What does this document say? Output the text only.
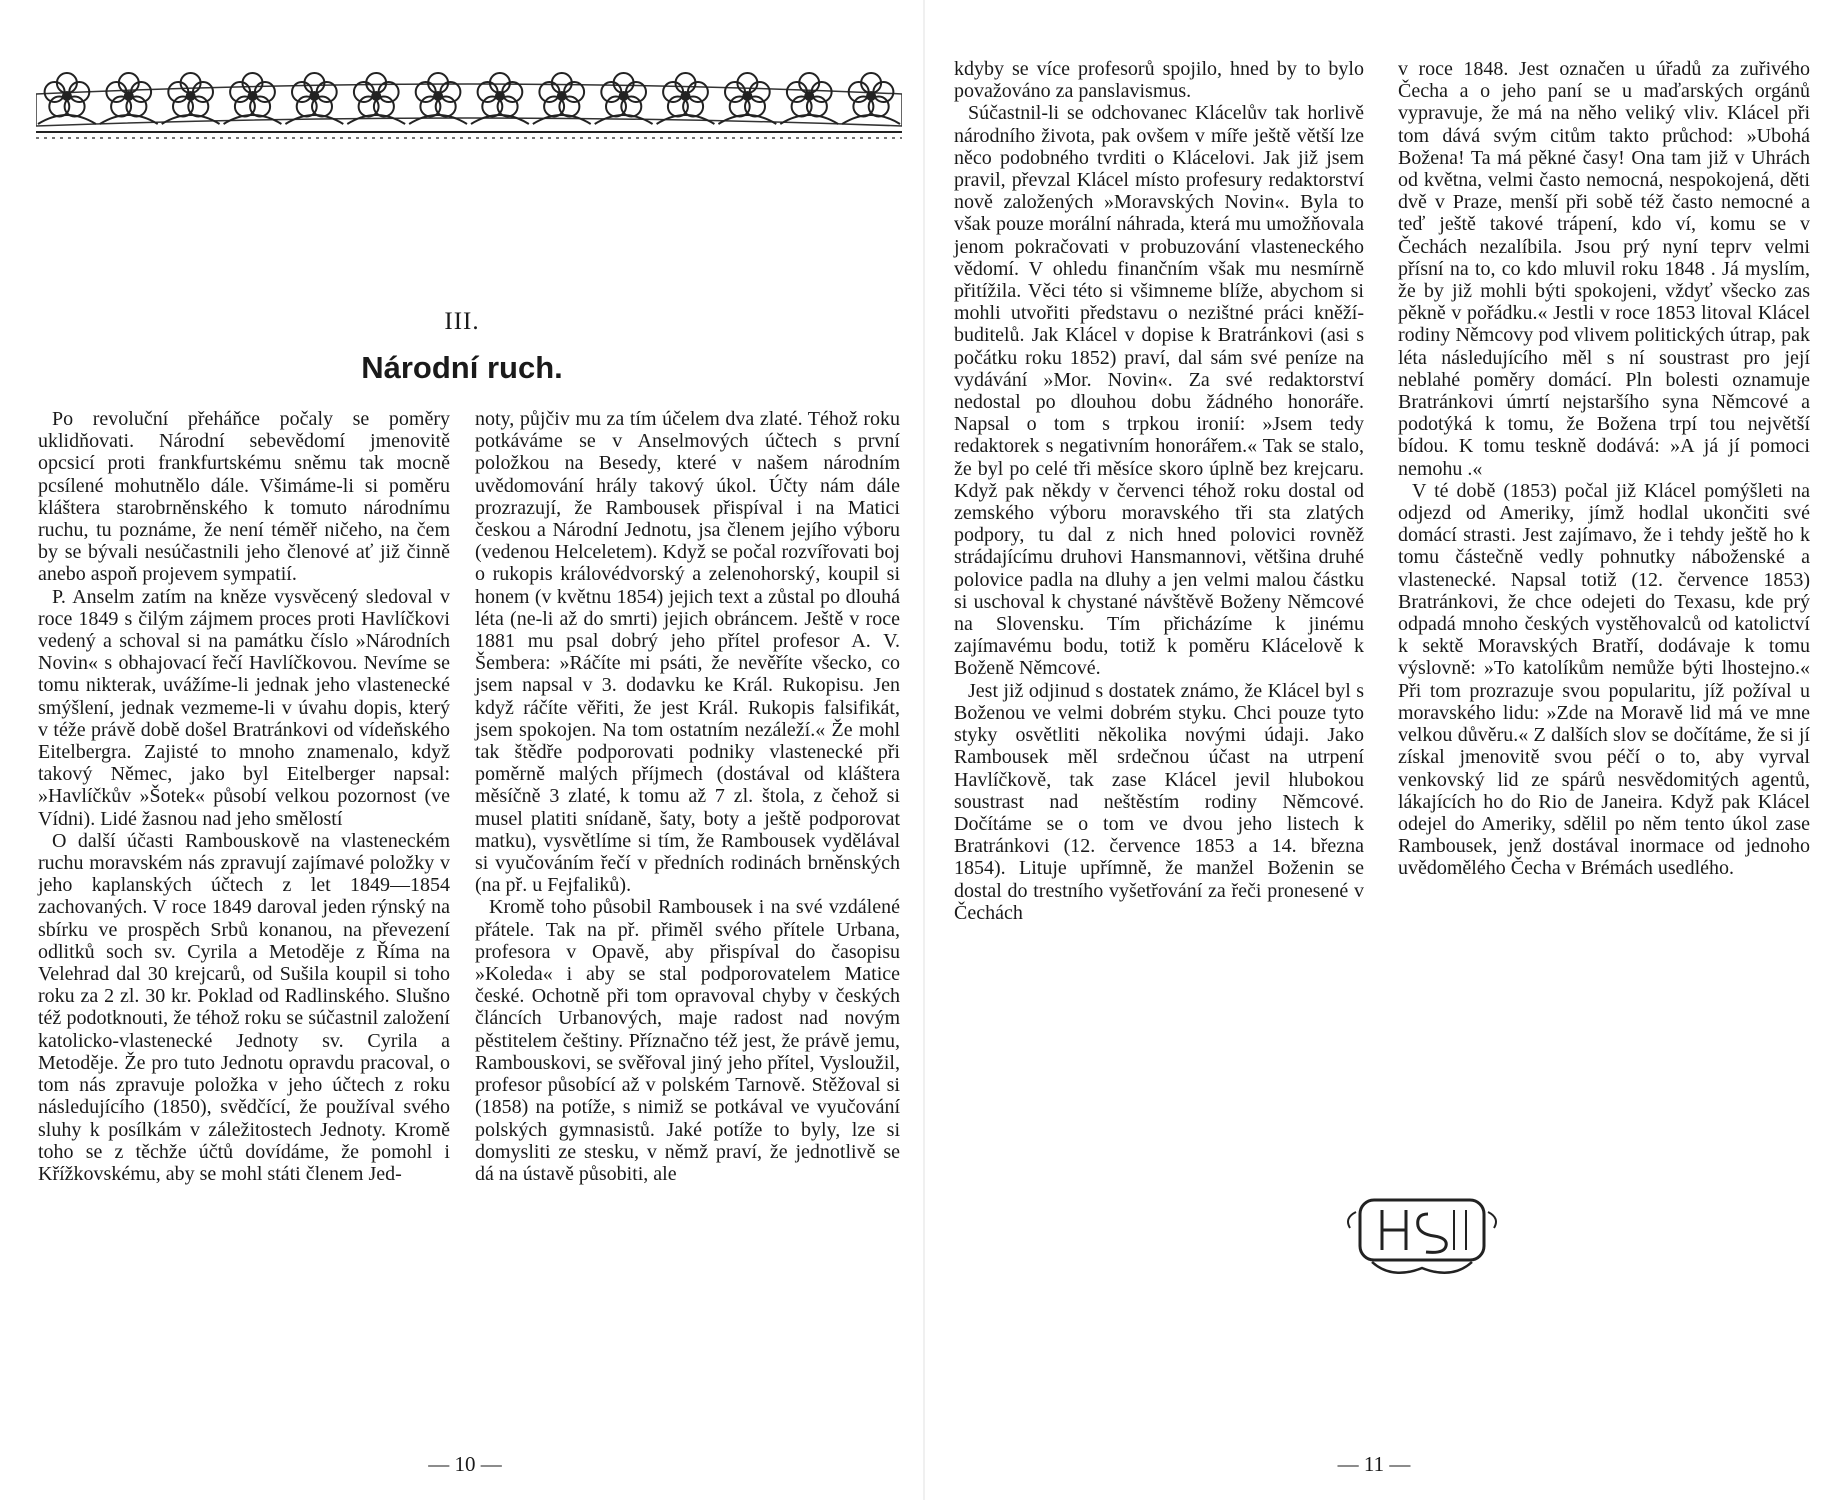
III.
Národní ruch.

Po revoluční přeháňce počaly se poměry uklidňovati. Národní sebevědomí jmenovitě opcsicí proti frankfurtskému sněmu tak mocně pcsílené mohutnělo dále. Všimáme-li si poměru kláštera starobrněnského k tomuto národnímu ruchu, tu poznáme, že není téměř ničeho, na čem by se bývali nesúčastnili jeho členové ať již činně anebo aspoň projevem sympatií.

P. Anselm zatím na kněze vysvěcený sledoval v roce 1849 s čilým zájmem proces proti Havlíčkovi vedený a schoval si na památku číslo »Národních Novin« s obhajovací řečí Havlíčkovou. Nevíme se tomu nikterak, uvážíme-li jednak jeho vlastenecké smýšlení, jednak vezmeme-li v úvahu dopis, který v téže právě době došel Bratránkovi od vídeňského Eitelbergra. Zajisté to mnoho znamenalo, když takový Němec, jako byl Eitelberger napsal: »Havlíčkův »Šotek« působí velkou pozornost (ve Vídni). Lidé žasnou nad jeho smělostí

O další účasti Rambouskově na vlasteneckém ruchu moravském nás zpravují zajímavé položky v jeho kaplanských účtech z let 1849—1854 zachovaných. V roce 1849 daroval jeden rýnský na sbírku ve prospěch Srbů konanou, na převezení odlitků soch sv. Cyrila a Metoděje z Říma na Velehrad dal 30 krejcarů, od Sušila koupil si toho roku za 2 zl. 30 kr. Poklad od Radlinského. Slušno též podotknouti, že téhož roku se súčastnil založení katolicko-vlastenecké Jednoty sv. Cyrila a Metoděje. Že pro tuto Jednotu opravdu pracoval, o tom nás zpravuje položka v jeho účtech z roku následujícího (1850), svědčící, že používal svého sluhy k posílkám v záležitostech Jednoty. Kromě toho se z těchže účtů dovídáme, že pomohl i Křížkovskému, aby se mohl státi členem Jed-

noty, půjčiv mu za tím účelem dva zlaté. Téhož roku potkáváme se v Anselmových účtech s první položkou na Besedy, které v našem národním uvědomování hrály takový úkol. Účty nám dále prozrazují, že Rambousek přispíval i na Matici českou a Národní Jednotu, jsa členem jejího výboru (vedenou Helceletem). Když se počal rozvířovati boj o rukopis královédvorský a zelenohorský, koupil si honem (v květnu 1854) jejich text a zůstal po dlouhá léta (ne-li až do smrti) jejich obráncem. Ještě v roce 1881 mu psal dobrý jeho přítel profesor A. V. Šembera: »Ráčíte mi psáti, že nevěříte všecko, co jsem napsal v 3. dodavku ke Král. Rukopisu. Jen když ráčíte věřiti, že jest Král. Rukopis falsifikát, jsem spokojen. Na tom ostatním nezáleží.« Že mohl tak štědře podporovati podniky vlastenecké při poměrně malých příjmech (dostával od kláštera měsíčně 3 zlaté, k tomu až 7 zl. štola, z čehož si musel platiti snídaně, šaty, boty a ještě podporovat matku), vysvětlíme si tím, že Rambousek vydělával si vyučováním řečí v předních rodinách brněnských (na př. u Fejfaliků).

Kromě toho působil Rambousek i na své vzdálené přátele. Tak na př. přiměl svého přítele Urbana, profesora v Opavě, aby přispíval do časopisu »Koleda« i aby se stal podporovatelem Matice české. Ochotně při tom opravoval chyby v českých článcích Urbanových, maje radost nad novým pěstitelem češtiny. Příznačno též jest, že právě jemu, Rambouskovi, se svěřoval jiný jeho přítel, Vysloužil, profesor působící až v polském Tarnově. Stěžoval si (1858) na potíže, s nimiž se potkával ve vyučování polských gymnasistů. Jaké potíže to byly, lze si domysliti ze stesku, v němž praví, že jednotlivě se dá na ústavě působiti, ale

— 10 —

kdyby se více profesorů spojilo, hned by to bylo považováno za panslavismus.

Súčastnil-li se odchovanec Klácelův tak horlivě národního života, pak ovšem v míře ještě větší lze něco podobného tvrditi o Klácelovi. Jak již jsem pravil, převzal Klácel místo profesury redaktorství nově založených »Moravských Novin«. Byla to však pouze morální náhrada, která mu umožňovala jenom pokračovati v probuzování vlasteneckého vědomí. V ohledu finančním však mu nesmírně přitížila. Věci této si všimneme blíže, abychom si mohli utvořiti představu o nezištné práci kněží-buditelů. Jak Klácel v dopise k Bratránkovi (asi s počátku roku 1852) praví, dal sám své peníze na vydávání »Mor. Novin«. Za své redaktorství nedostal po dlouhou dobu žádného honoráře. Napsal o tom s trpkou ironií: »Jsem tedy redaktorek s negativním honorářem.« Tak se stalo, že byl po celé tři měsíce skoro úplně bez krejcaru. Když pak někdy v červenci téhož roku dostal od zemského výboru moravského tři sta zlatých podpory, tu dal z nich hned polovici rovněž strádajícímu druhovi Hansmannovi, většina druhé polovice padla na dluhy a jen velmi malou částku si uschoval k chystané návštěvě Boženy Němcové na Slovensku. Tím přicházíme k jinému zajímavému bodu, totiž k poměru Klácelově k Boženě Němcové.

Jest již odjinud s dostatek známo, že Klácel byl s Boženou ve velmi dobrém styku. Chci pouze tyto styky osvětliti několika novými údaji. Jako Rambousek měl srdečnou účast na utrpení Havlíčkově, tak zase Klácel jevil hlubokou soustrast nad neštěstím rodiny Němcové. Dočítáme se o tom ve dvou jeho listech k Bratránkovi (12. července 1853 a 14. března 1854). Lituje upřímně, že manžel Boženin se dostal do trestního vyšetřování za řeči pronesené v Čechách

v roce 1848. Jest označen u úřadů za zuřivého Čecha a o jeho paní se u maďarských orgánů vypravuje, že má na něho veliký vliv. Klácel při tom dává svým citům takto průchod: »Ubohá Božena! Ta má pěkné časy! Ona tam již v Uhrách od května, velmi často nemocná, nespokojená, děti dvě v Praze, menší při sobě též často nemocné a teď ještě takové trápení, kdo ví, komu se v Čechách nezalíbila. Jsou prý nyní teprv velmi přísní na to, co kdo mluvil roku 1848 . Já myslím, že by již mohli býti spokojeni, vždyť všecko zas pěkně v pořádku.« Jestli v roce 1853 litoval Klácel rodiny Němcovy pod vlivem politických útrap, pak léta následujícího měl s ní soustrast pro její neblahé poměry domácí. Pln bolesti oznamuje Bratránkovi úmrtí nejstaršího syna Němcové a podotýká k tomu, že Božena trpí tou největší bídou. K tomu teskně dodává: »A já jí pomoci nemohu .«

V té době (1853) počal již Klácel pomýšleti na odjezd od Ameriky, jímž hodlal ukončiti své domácí strasti. Jest zajímavo, že i tehdy ještě ho k tomu částečně vedly pohnutky náboženské a vlastenecké. Napsal totiž (12. července 1853) Bratránkovi, že chce odejeti do Texasu, kde prý odpadá mnoho českých vystěhovalců od katolictví k sektě Moravských Bratří, dodávaje k tomu výslovně: »To katolíkům nemůže býti lhostejno.« Při tom prozrazuje svou popularitu, jíž požíval u moravského lidu: »Zde na Moravě lid má ve mne velkou důvěru.« Z dalších slov se dočítáme, že si jí získal jmenovitě svou péčí o to, aby vyrval venkovský lid ze spárů nesvědomitých agentů, lákajících ho do Rio de Janeira. Když pak Klácel odejel do Ameriky, sdělil po něm tento úkol zase Rambousek, jenž dostával inormace od jednoho uvědomělého Čecha v Brémách usedlého.

— 11 —
